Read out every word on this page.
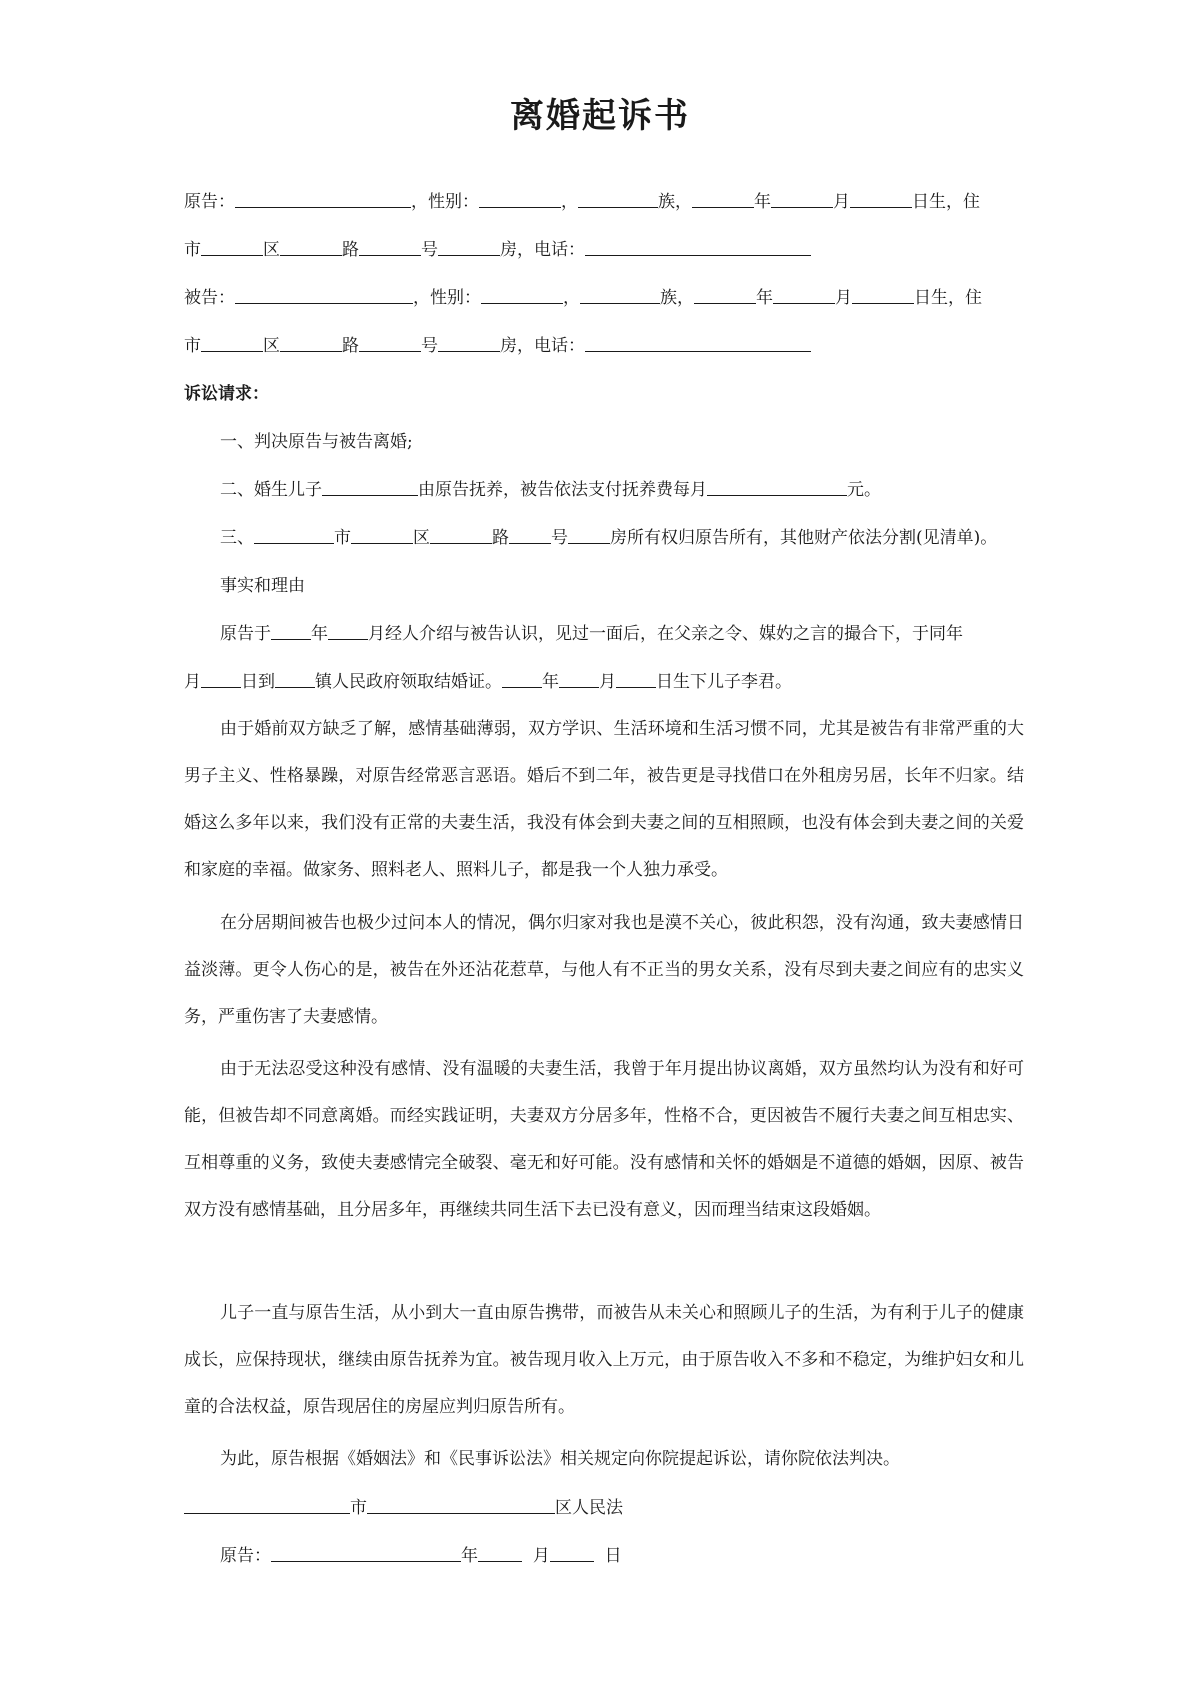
离婚起诉书
原告：	，性别：	，	族，	年	月	日生，住
市	区	路	号	房，电话：
被告：	，性别：	，	族，	年	月	日生，住
市	区	路	号	房，电话：
诉讼请求：
一、判决原告与被告离婚;
二、婚生儿子	由原告抚养，被告依法支付抚养费每月	元。
三、	市	区	路 号 房所有权归原告所有，其他财产依法分割(见清单)。
事实和理由
原告于 年 月经人介绍与被告认识，见过一面后，在父亲之令、媒妁之言的撮合下，于同年
月 日到 镇人民政府领取结婚证。 年 月 日生下儿子李君。
由于婚前双方缺乏了解，感情基础薄弱，双方学识、生活环境和生活习惯不同，尤其是被告有非常严重的大男子主义、性格暴躁，对原告经常恶言恶语。婚后不到二年，被告更是寻找借口在外租房另居，长年不归家。结婚这么多年以来，我们没有正常的夫妻生活，我没有体会到夫妻之间的互相照顾，也没有体会到夫妻之间的关爱和家庭的幸福。做家务、照料老人、照料儿子，都是我一个人独力承受。
在分居期间被告也极少过问本人的情况，偶尔归家对我也是漠不关心，彼此积怨，没有沟通，致夫妻感情日益淡薄。更令人伤心的是，被告在外还沾花惹草，与他人有不正当的男女关系，没有尽到夫妻之间应有的忠实义务，严重伤害了夫妻感情。
由于无法忍受这种没有感情、没有温暖的夫妻生活，我曾于年月提出协议离婚，双方虽然均认为没有和好可能，但被告却不同意离婚。而经实践证明，夫妻双方分居多年，性格不合，更因被告不履行夫妻之间互相忠实、互相尊重的义务，致使夫妻感情完全破裂、毫无和好可能。没有感情和关怀的婚姻是不道德的婚姻，因原、被告双方没有感情基础，且分居多年，再继续共同生活下去已没有意义，因而理当结束这段婚姻。
儿子一直与原告生活，从小到大一直由原告携带，而被告从未关心和照顾儿子的生活，为有利于儿子的健康成长，应保持现状，继续由原告抚养为宜。被告现月收入上万元，由于原告收入不多和不稳定，为维护妇女和儿童的合法权益，原告现居住的房屋应判归原告所有。
为此，原告根据《婚姻法》和《民事诉讼法》相关规定向你院提起诉讼，请你院依法判决。
市	区人民法
原告：	年	月	日
